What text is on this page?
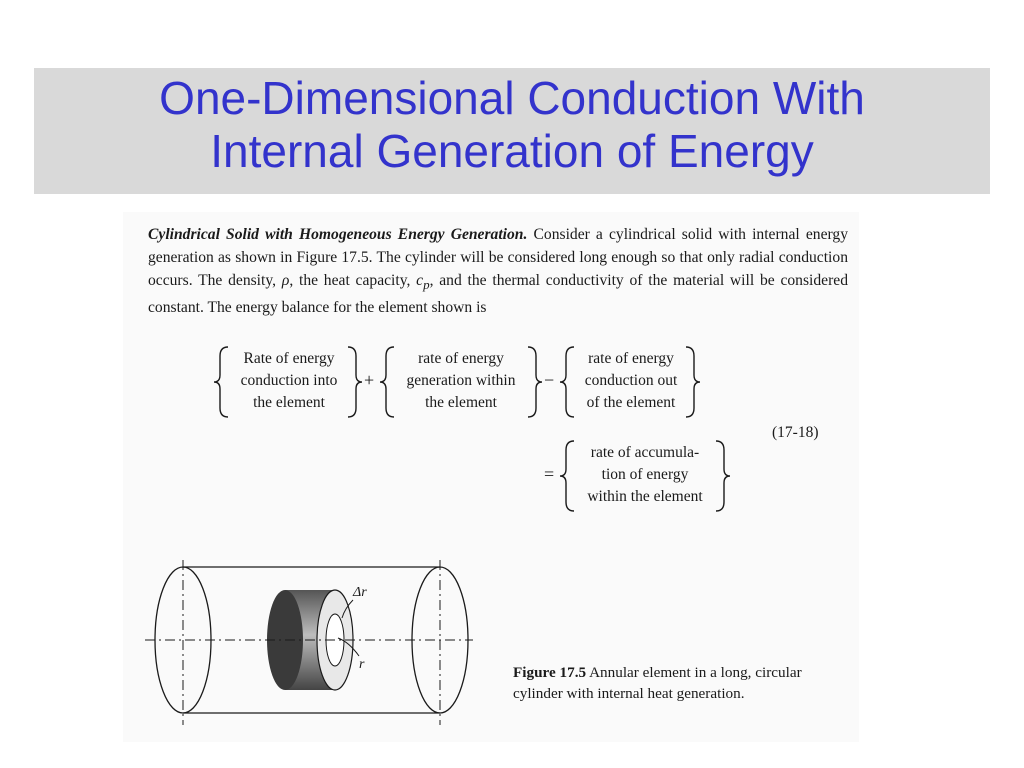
One-Dimensional Conduction With
Internal Generation of Energy
Cylindrical Solid with Homogeneous Energy Generation. Consider a cylindrical solid with internal energy generation as shown in Figure 17.5. The cylinder will be considered long enough so that only radial conduction occurs. The density, ρ, the heat capacity, $c_p$, and the thermal conductivity of the material will be considered constant. The energy balance for the element shown is
Rate of energy
conduction into
the element
+
rate of energy
generation within
the element
−
rate of energy
conduction out
of the element
(17-18)
=
rate of accumula-
tion of energy
within the element
Δr
r	Figure 17.5 Annular element in a long, circular cylinder with internal heat generation.
